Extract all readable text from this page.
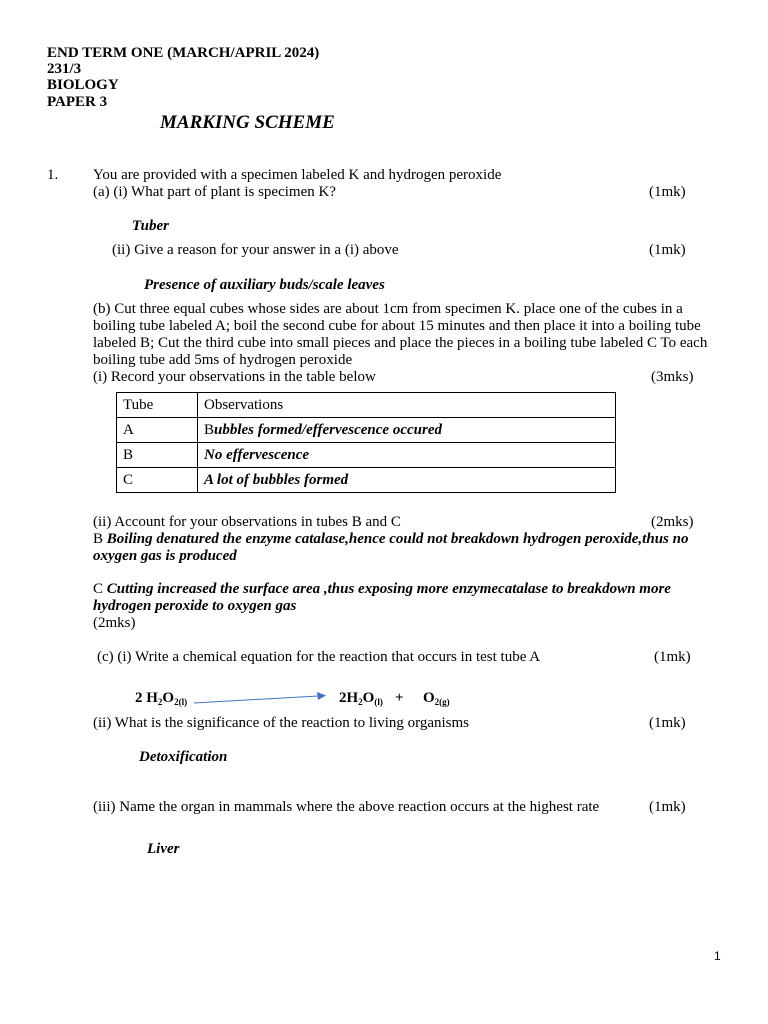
END TERM ONE (MARCH/APRIL 2024)
231/3
BIOLOGY
PAPER 3
MARKING SCHEME
1. You are provided with a specimen labeled K and hydrogen peroxide
(a) (i) What part of plant is specimen K?	(1mk)
Tuber
(ii) Give a reason for your answer in a (i) above	(1mk)
Presence of auxiliary buds/scale leaves
(b) Cut three equal cubes whose sides are about 1cm from specimen K. place one of the cubes in a boiling tube labeled A; boil the second cube for about 15 minutes and then place it into a boiling tube labeled B; Cut the third cube into small pieces and place the pieces in a boiling tube labeled C To each boiling tube add 5ms of hydrogen peroxide
(i) Record your observations in the table below	(3mks)
Tube	Observations
A	Bubbles formed/effervescence occured
B	No effervescence
C	A lot of bubbles formed
(ii) Account for your observations in tubes B and C	(2mks)
B Boiling denatured the enzyme catalase,hence could not breakdown hydrogen peroxide,thus no oxygen gas is produced
C Cutting increased the surface area ,thus exposing more enzymecatalase to breakdown more hydrogen peroxide to oxygen gas
(2mks)
(c) (i) Write a chemical equation for the reaction that occurs in test tube A	(1mk)
2 $H_2O_{2(l)}$	$2H_2O_{(l)} + O_{2(g)}$
(ii) What is the significance of the reaction to living organisms	(1mk)
Detoxification
(iii) Name the organ in mammals where the above reaction occurs at the highest rate	(1mk)
Liver
1
